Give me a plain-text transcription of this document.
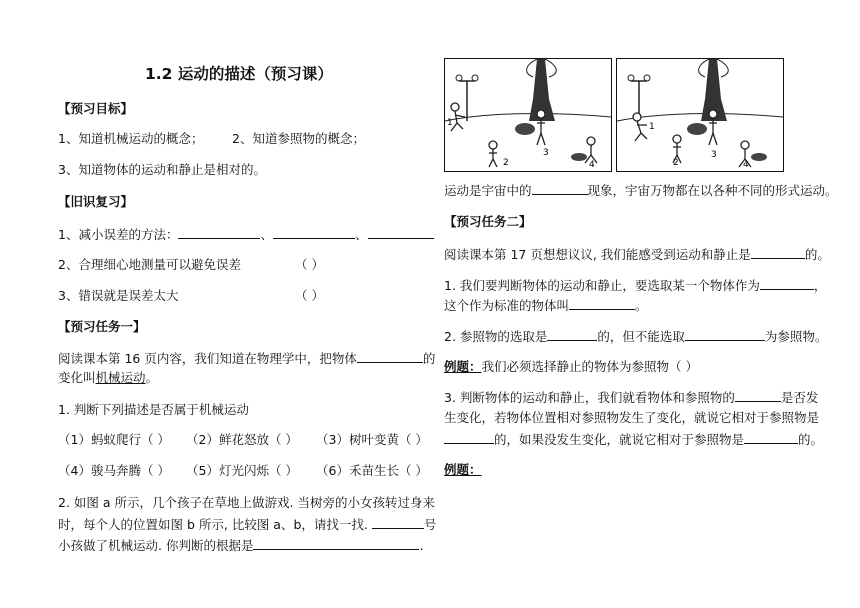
1.2 运动的描述（预习课）
【预习目标】
1、知道机械运动的概念； 2、知道参照物的概念；
3、知道物体的运动和静止是相对的。
【旧识复习】
1、减小误差的方法：	、	、
2、合理细心地测量可以避免误差	（ ）
3、错误就是误差太大	（ ）
【预习任务一】
阅读课本第 16 页内容，我们知道在物理学中，把物体	的
变化叫机械运动。
1. 判断下列描述是否属于机械运动
（1）蚂蚁爬行（ ） （2）鲜花怒放（ ） （3）树叶变黄（ ）
（4）骏马奔腾（ ） （5）灯光闪烁（ ） （6）禾苗生长（ ）
2. 如图 a 所示，几个孩子在草地上做游戏. 当树旁的小女孩转过身来
时，每个人的位置如图 b 所示, 比较图 a、b，请找一找.	号
小孩做了机械运动. 你判断的根据是	.
1
2
3
4
1
2
3
4
运动是宇宙中的	现象，宇宙万物都在以各种不同的形式运动。
【预习任务二】
阅读课本第 17 页想想议议, 我们能感受到运动和静止是	的。
1. 我们要判断物体的运动和静止，要选取某一个物体作为	，
这个作为标准的物体叫	。
2. 参照物的选取是	的，但不能选取	为参照物。
例题：我们必须选择静止的物体为参照物（ ）
3. 判断物体的运动和静止，我们就看物体和参照物的	是否发
生变化，若物体位置相对参照物发生了变化，就说它相对于参照物是
的，如果没发生变化，就说它相对于参照物是	的。
例题：
